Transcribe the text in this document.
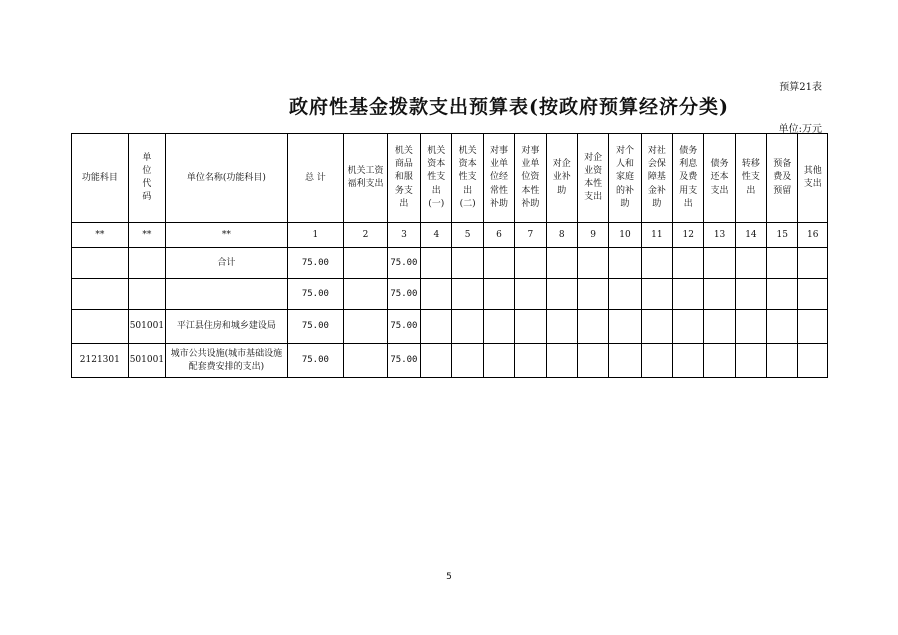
预算21表
政府性基金拨款支出预算表(按政府预算经济分类)
单位:万元
功能科目	单位代码	单位名称(功能科目)	总 计	机关工资福利支出	机关商品和服务支出	机关资本性支出(一)	机关资本性支出(二)	对事业单位经常性补助	对事业单位资本性补助	对企业补助	对企业资本性支出	对个人和家庭的补助	对社会保障基金补助	债务利息及费用支出	债务还本支出	转移性支出	预备费及预留	其他支出
**	**	**	1	2	3	4	5	6	7	8	9	10	11	12	13	14	15	16
		合计	75.00		75.00													
			75.00		75.00													
	501001	平江县住房和城乡建设局	75.00		75.00													
2121301	501001	城市公共设施(城市基础设施配套费安排的支出)	75.00		75.00													
5
